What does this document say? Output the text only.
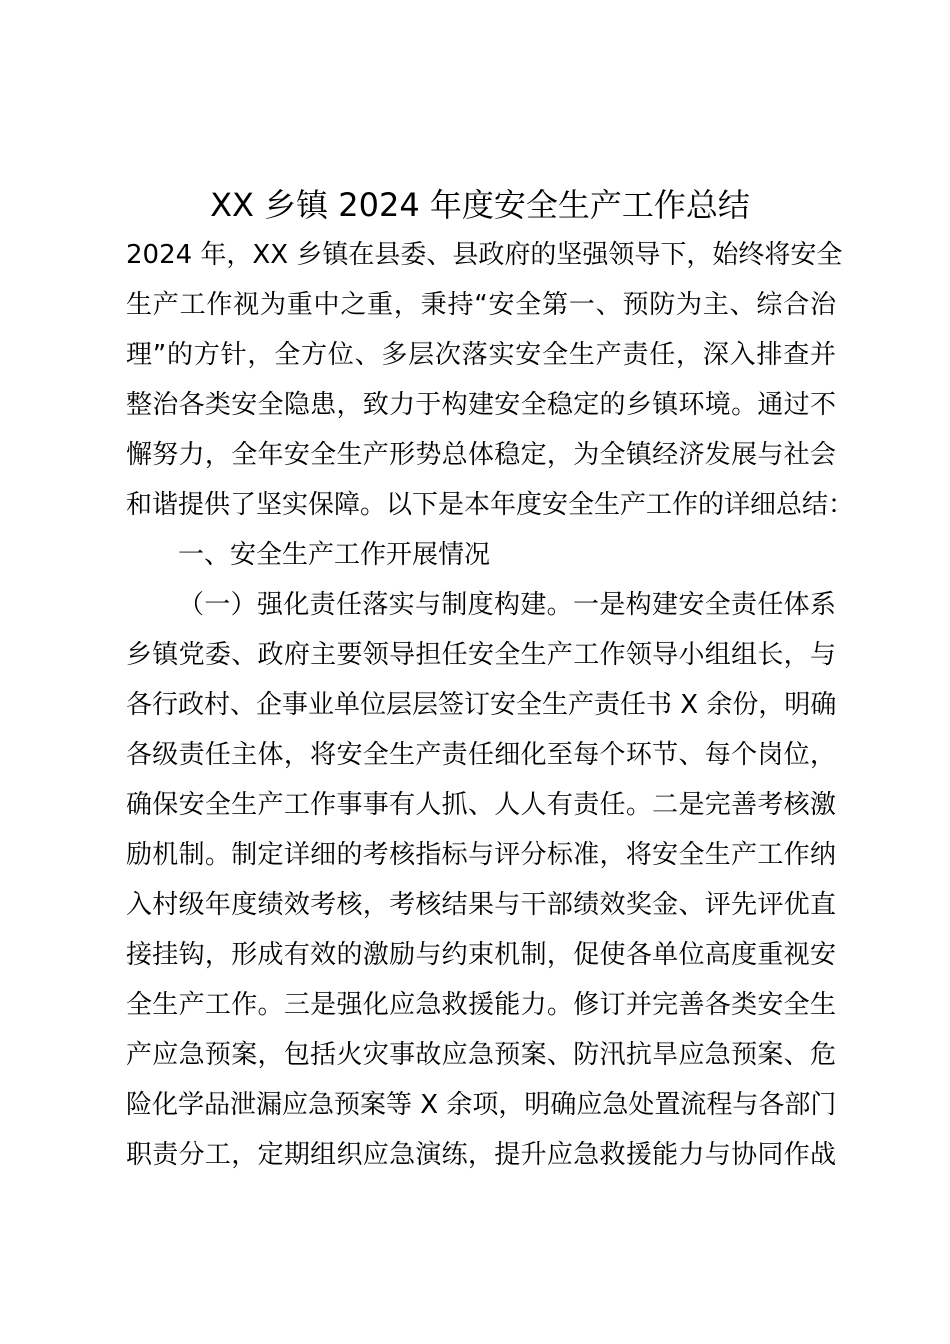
XX 乡镇 2024 年度安全生产工作总结

2024 年，XX 乡镇在县委、县政府的坚强领导下，始终将安全

生产工作视为重中之重，秉持“安全第一、预防为主、综合治

理”的方针，全方位、多层次落实安全生产责任，深入排查并

整治各类安全隐患，致力于构建安全稳定的乡镇环境。通过不

懈努力，全年安全生产形势总体稳定，为全镇经济发展与社会

和谐提供了坚实保障。以下是本年度安全生产工作的详细总结：

一、安全生产工作开展情况

（一）强化责任落实与制度构建。一是构建安全责任体系

乡镇党委、政府主要领导担任安全生产工作领导小组组长，与

各行政村、企事业单位层层签订安全生产责任书 X 余份，明确

各级责任主体，将安全生产责任细化至每个环节、每个岗位，

确保安全生产工作事事有人抓、人人有责任。二是完善考核激

励机制。制定详细的考核指标与评分标准，将安全生产工作纳

入村级年度绩效考核，考核结果与干部绩效奖金、评先评优直

接挂钩，形成有效的激励与约束机制，促使各单位高度重视安

全生产工作。三是强化应急救援能力。修订并完善各类安全生

产应急预案，包括火灾事故应急预案、防汛抗旱应急预案、危

险化学品泄漏应急预案等 X 余项，明确应急处置流程与各部门

职责分工，定期组织应急演练，提升应急救援能力与协同作战
